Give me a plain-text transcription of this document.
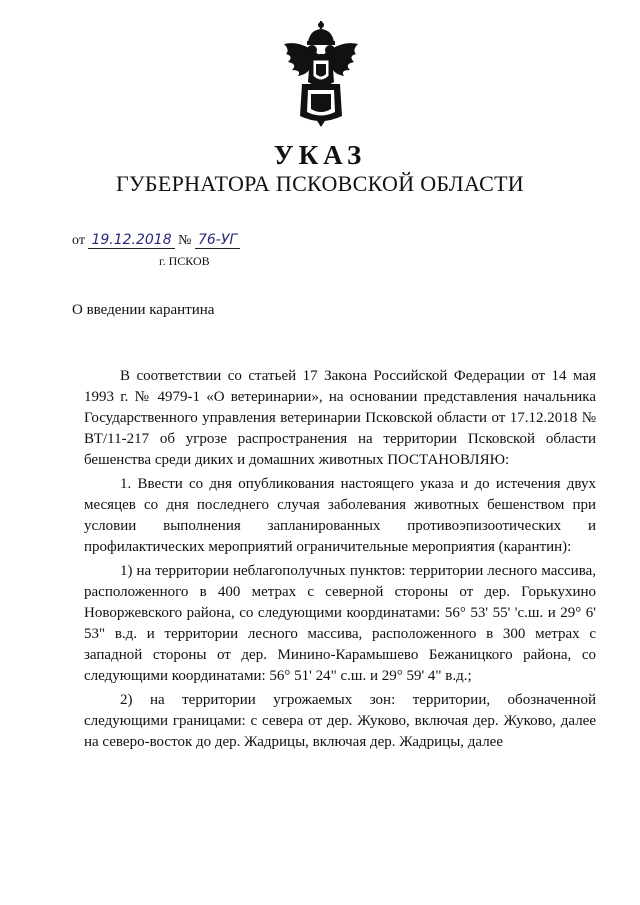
УКАЗ
ГУБЕРНАТОРА ПСКОВСКОЙ ОБЛАСТИ
от 19.12.2018 № 76-УГ
г. ПСКОВ
О введении карантина

В соответствии со статьей 17 Закона Российской Федерации от 14 мая 1993 г. № 4979-1 «О ветеринарии», на основании представления начальника Государственного управления ветеринарии Псковской области от 17.12.2018 № ВТ/11-217 об угрозе распространения на территории Псковской области бешенства среди диких и домашних животных ПОСТАНОВЛЯЮ:

1. Ввести со дня опубликования настоящего указа и до истечения двух месяцев со дня последнего случая заболевания животных бешенством при условии выполнения запланированных противоэпизоотических и профилактических мероприятий ограничительные мероприятия (карантин):

1) на территории неблагополучных пунктов: территории лесного массива, расположенного в 400 метрах с северной стороны от дер. Горькухино Новоржевского района, со следующими координатами: 56° 53' 55' 'с.ш. и 29° 6' 53" в.д. и территории лесного массива, расположенного в 300 метрах с западной стороны от дер. Минино-Карамышево Бежаницкого района, со следующими координатами: 56° 51' 24" с.ш. и 29° 59' 4" в.д.;

2) на территории угрожаемых зон: территории, обозначенной следующими границами: с севера от дер. Жуково, включая дер. Жуково, далее на северо-восток до дер. Жадрицы, включая дер. Жадрицы, далее
